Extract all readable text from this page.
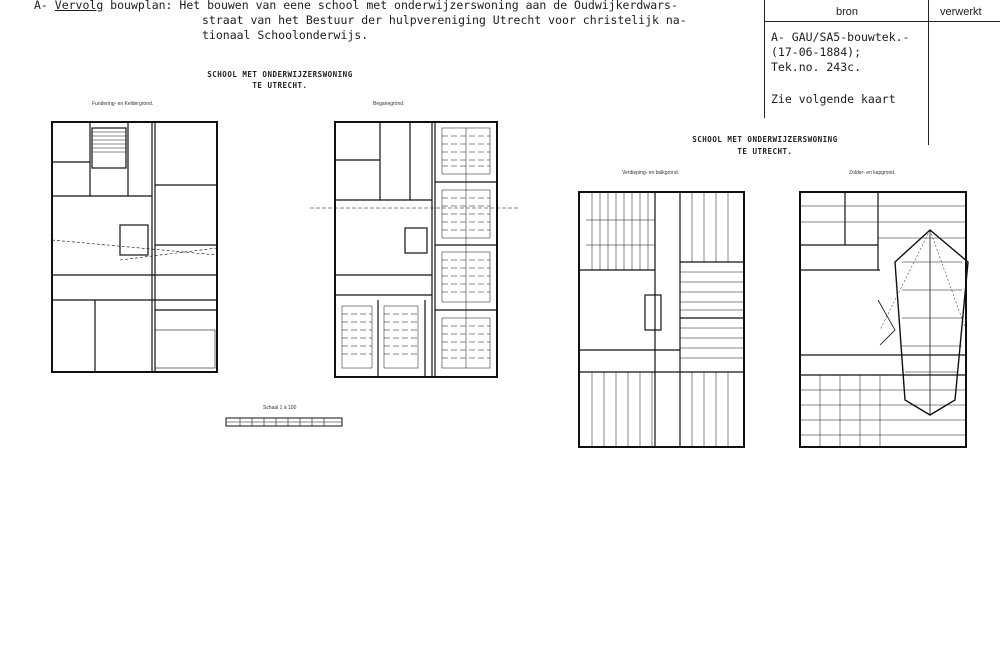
A- Vervolg bouwplan: Het bouwen van eene school met onderwijzerswoning aan de Oudwijkerdwars-
straat van het Bestuur der hulpvereniging Utrecht voor christelijk na-
tionaal Schoolonderwijs.
bron	verwerkt
A- GAU/SA5-bouwtek.-
(17-06-1884);
Tek.no. 243c.
Zie volgende kaart
SCHOOL MET ONDERWIJZERSWONING
TE UTRECHT.
SCHOOL MET ONDERWIJZERSWONING
TE UTRECHT.
Fundering- en Keldergrond.	Beganegrond.
Verdieping- en balkgrond.	Zolder- en kapgrond.
Schaal 1 à 100
